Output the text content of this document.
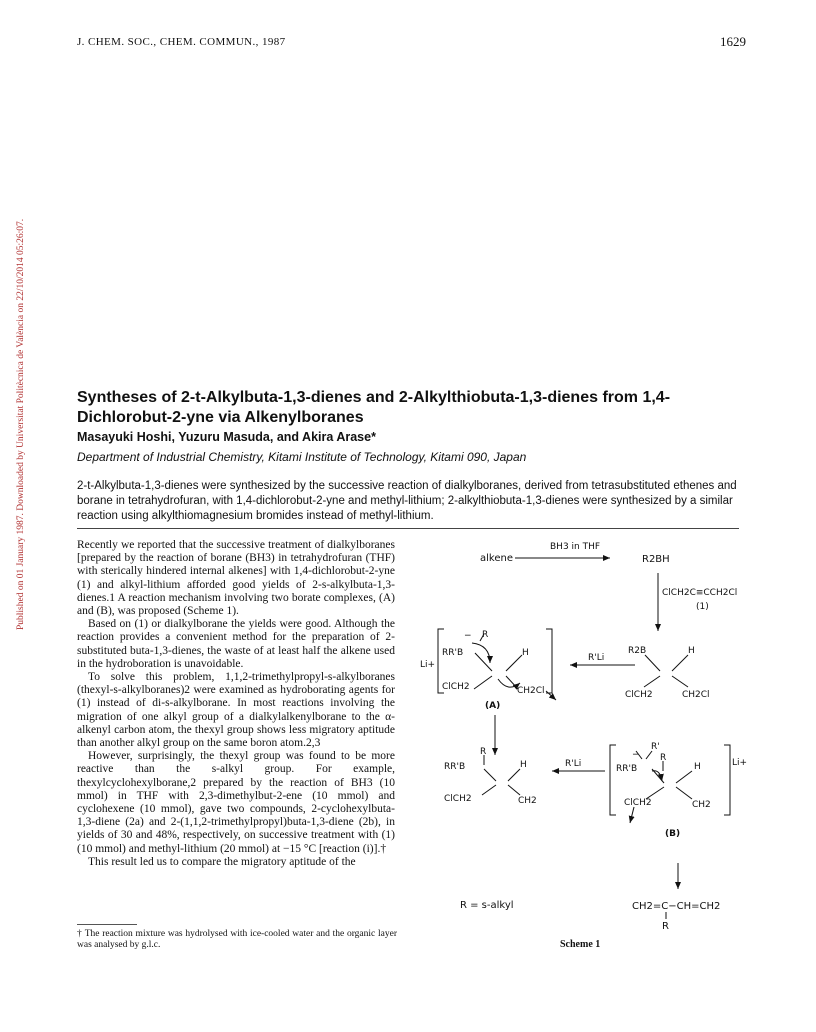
J. CHEM. SOC., CHEM. COMMUN., 1987	1629
Published on 01 January 1987. Downloaded by Universitat Politècnica de València on 22/10/2014 05:26:07.	Syntheses of 2-t-Alkylbuta-1,3-dienes and 2-Alkylthiobuta-1,3-dienes from 1,4-Dichlorobut-2-yne via Alkenylboranes
Masayuki Hoshi, Yuzuru Masuda, and Akira Arase*
Department of Industrial Chemistry, Kitami Institute of Technology, Kitami 090, Japan

2-t-Alkylbuta-1,3-dienes were synthesized by the successive reaction of dialkylboranes, derived from tetrasubstituted ethenes and borane in tetrahydrofuran, with 1,4-dichlorobut-2-yne and methyl-lithium; 2-alkylthiobuta-1,3-dienes were synthesized by a similar reaction using alkylthiomagnesium bromides instead of methyl-lithium.

Recently we reported that the successive treatment of dialkylboranes [prepared by the reaction of borane (BH3) in tetrahydrofuran (THF) with sterically hindered internal alkenes] with 1,4-dichlorobut-2-yne (1) and alkyl-lithium afforded good yields of 2-s-alkylbuta-1,3-dienes.1 A reaction mechanism involving two borate complexes, (A) and (B), was proposed (Scheme 1).

Based on (1) or dialkylborane the yields were good. Although the reaction provides a convenient method for the preparation of 2-substituted buta-1,3-dienes, the waste of at least half the alkene used in the hydroboration is unavoidable.

To solve this problem, 1,1,2-trimethylpropyl-s-alkylboranes (thexyl-s-alkylboranes)2 were examined as hydroborating agents for (1) instead of di-s-alkylborane. In most reactions involving the migration of one alkyl group of a dialkylalkenylborane to the α-alkenyl carbon atom, the thexyl group shows less migratory aptitude than another alkyl group on the same boron atom.2,3

However, surprisingly, the thexyl group was found to be more reactive than the s-alkyl group. For example, thexylcyclohexylborane,2 prepared by the reaction of BH3 (10 mmol) in THF with 2,3-dimethylbut-2-ene (10 mmol) and cyclohexene (10 mmol), gave two compounds, 2-cyclohexylbuta-1,3-diene (2a) and 2-(1,1,2-trimethylpropyl)buta-1,3-diene (2b), in yields of 30 and 48%, respectively, on successive treatment with (1) (10 mmol) and methyl-lithium (20 mmol) at −15 °C [reaction (i)].†

This result led us to compare the migratory aptitude of the

† The reaction mixture was hydrolysed with ice-cooled water and the organic layer was analysed by g.l.c.
alkene
BH3 in THF
R2BH
ClCH2C≡CCH2Cl
(1)
Li+
− R
RR'B	H
ClCH2	CH2Cl
(A)
R'Li
R2B	H
ClCH2	CH2Cl
R
RR'B	H
ClCH2	CH2
R'Li
R'
− R
RR'B	H
ClCH2	CH2
Li+
(B)
R = s-alkyl	CH2=C−CH=CH2
R
Scheme 1
